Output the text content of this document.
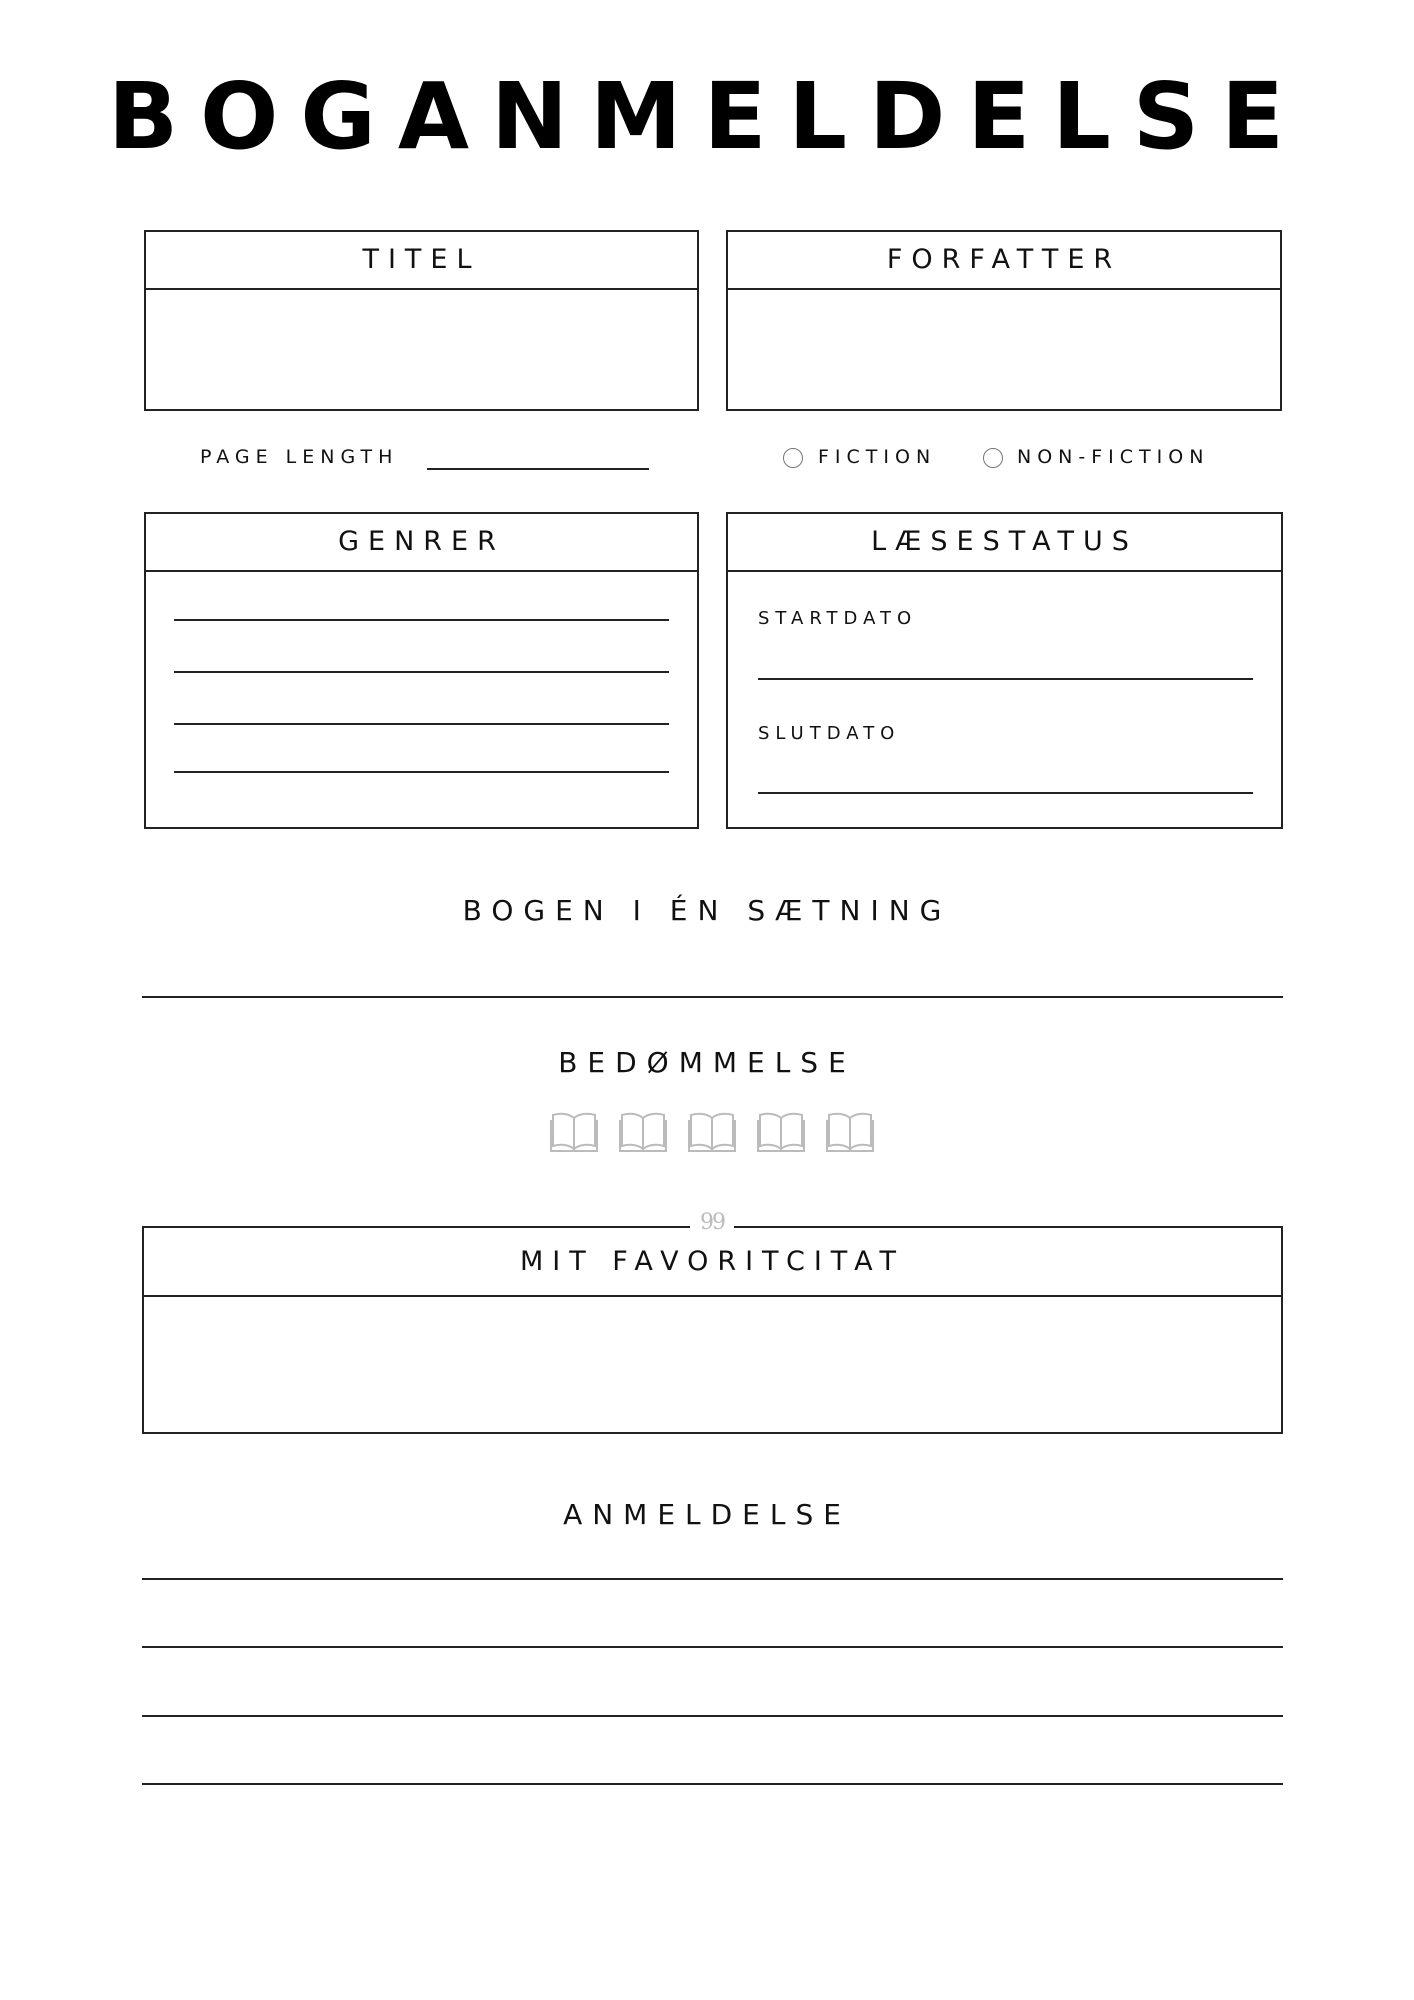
BOGANMELDELSE
TITEL	FORFATTER
PAGE LENGTH	FICTION	NON-FICTION
GENRER	LÆSESTATUS
STARTDATO
SLUTDATO
BOGEN I ÉN SÆTNING
BEDØMMELSE
MIT FAVORITCITAT
99
ANMELDELSE
